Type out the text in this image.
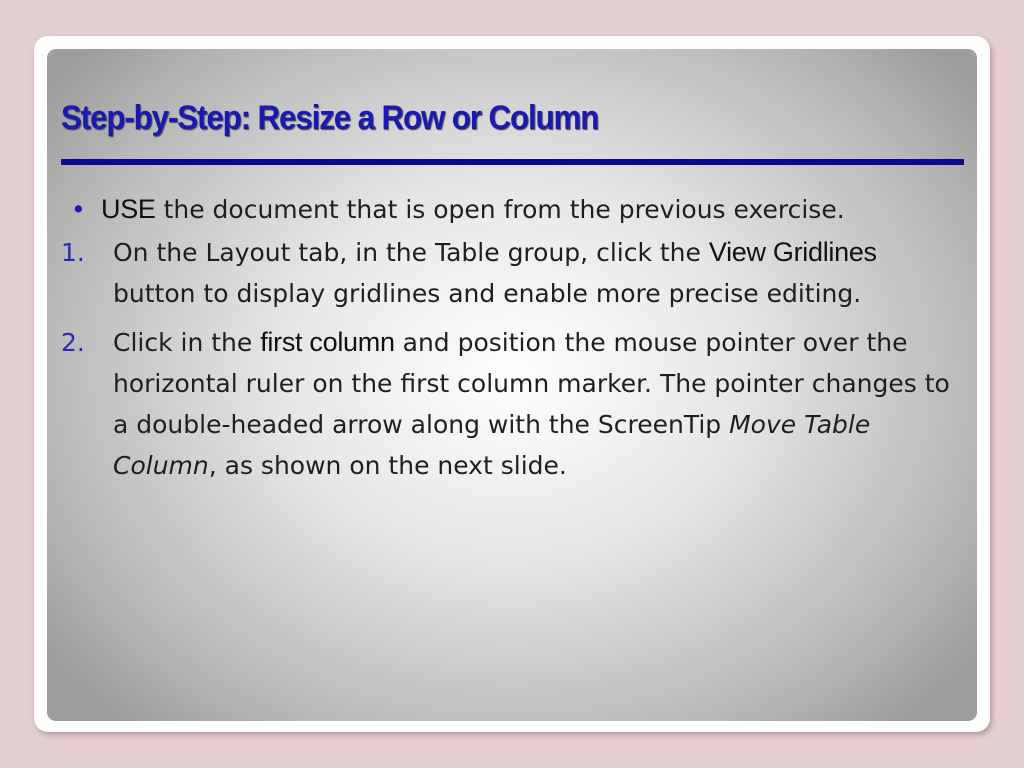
Step-by-Step: Resize a Row or Column
• USE the document that is open from the previous exercise.
1. On the Layout tab, in the Table group, click the View Gridlines button to display gridlines and enable more precise editing.
2. Click in the first column and position the mouse pointer over the horizontal ruler on the first column marker. The pointer changes to a double-headed arrow along with the ScreenTip Move Table Column, as shown on the next slide.
